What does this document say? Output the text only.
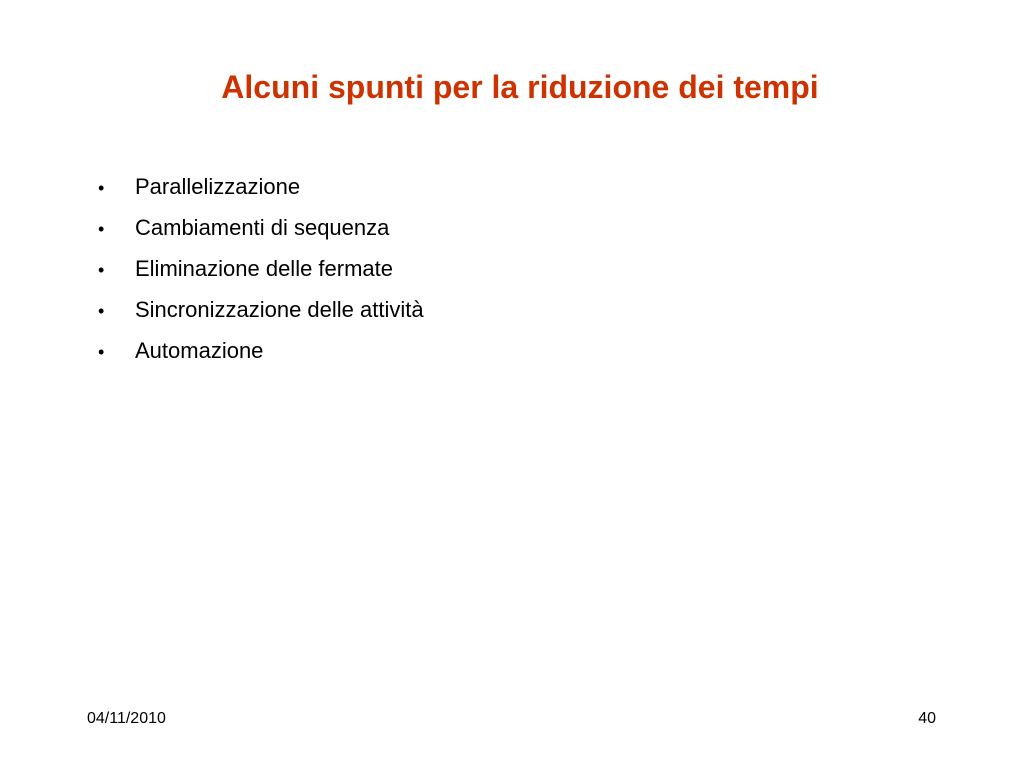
Alcuni spunti per la riduzione dei tempi
•	Parallelizzazione
•	Cambiamenti di sequenza
•	Eliminazione delle fermate
•	Sincronizzazione delle attività
•	Automazione
04/11/2010	40
